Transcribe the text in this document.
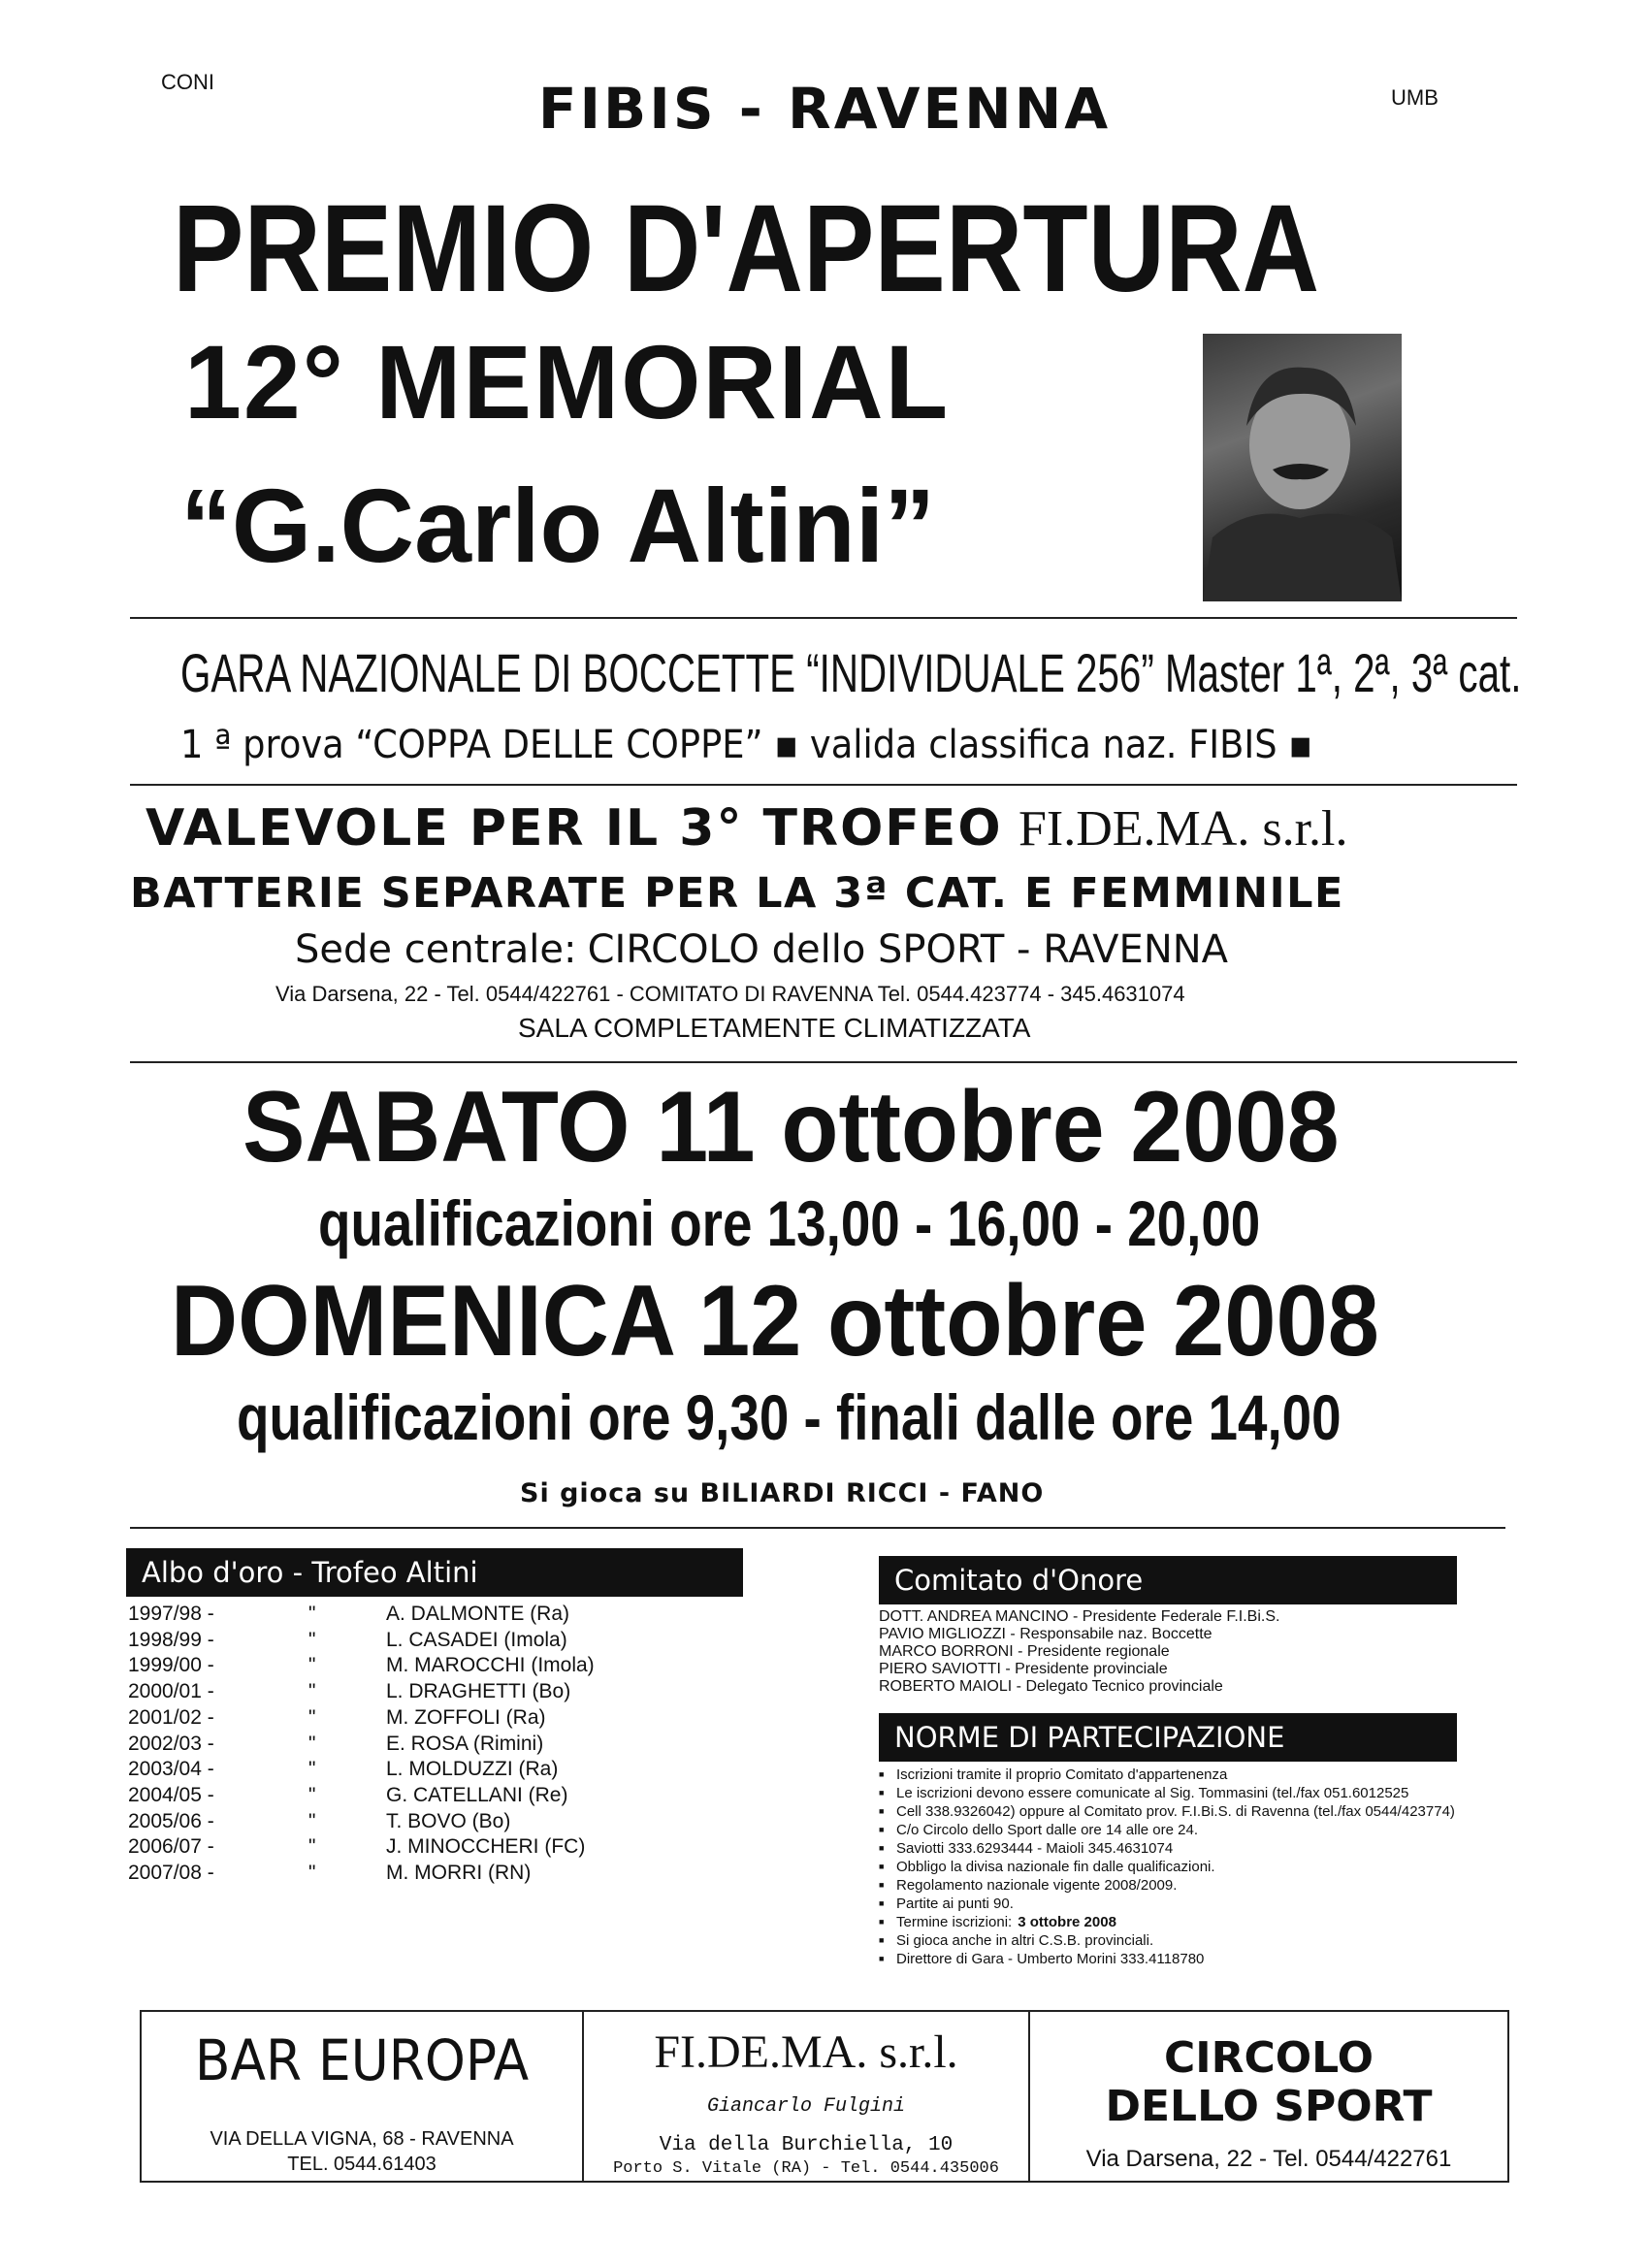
CONI	FIBIS - RAVENNA	UMB
PREMIO D'APERTURA
12° MEMORIAL
“G.Carlo Altini”
GARA NAZIONALE DI BOCCETTE “INDIVIDUALE 256” Master 1ª, 2ª, 3ª cat.
1 ª prova “COPPA DELLE COPPE” ▪ valida classifica naz. FIBIS ▪
VALEVOLE PER IL 3° TROFEO FI.DE.MA. s.r.l.
BATTERIE SEPARATE PER LA 3ª CAT. E FEMMINILE
Sede centrale: CIRCOLO dello SPORT - RAVENNA
Via Darsena, 22 - Tel. 0544/422761 - COMITATO DI RAVENNA Tel. 0544.423774 - 345.4631074
SALA COMPLETAMENTE CLIMATIZZATA
SABATO 11 ottobre 2008
qualificazioni ore 13,00 - 16,00 - 20,00
DOMENICA 12 ottobre 2008
qualificazioni ore 9,30 - finali dalle ore 14,00
Si gioca su BILIARDI RICCI - FANO
Albo d'oro - Trofeo Altini
1997/98 -	"	A. DALMONTE (Ra)
1998/99 -	"	L. CASADEI (Imola)
1999/00 -	"	M. MAROCCHI (Imola)
2000/01 -	"	L. DRAGHETTI (Bo)
2001/02 -	"	M. ZOFFOLI (Ra)
2002/03 -	"	E. ROSA (Rimini)
2003/04 -	"	L. MOLDUZZI (Ra)
2004/05 -	"	G. CATELLANI (Re)
2005/06 -	"	T. BOVO (Bo)
2006/07 -	"	J. MINOCCHERI (FC)
2007/08 -	"	M. MORRI (RN)
Comitato d'Onore
DOTT. ANDREA MANCINO - Presidente Federale F.I.Bi.S.
PAVIO MIGLIOZZI - Responsabile naz. Boccette
MARCO BORRONI - Presidente regionale
PIERO SAVIOTTI - Presidente provinciale
ROBERTO MAIOLI - Delegato Tecnico provinciale
NORME DI PARTECIPAZIONE
■ Iscrizioni tramite il proprio Comitato d'appartenenza
■ Le iscrizioni devono essere comunicate al Sig. Tommasini (tel./fax 051.6012525
■ Cell 338.9326042) oppure al Comitato prov. F.I.Bi.S. di Ravenna (tel./fax 0544/423774)
■ C/o Circolo dello Sport dalle ore 14 alle ore 24.
■ Saviotti 333.6293444 - Maioli 345.4631074
■ Obbligo la divisa nazionale fin dalle qualificazioni.
■ Regolamento nazionale vigente 2008/2009.
■ Partite ai punti 90.
■ Termine iscrizioni: 3 ottobre 2008
■ Si gioca anche in altri C.S.B. provinciali.
■ Direttore di Gara - Umberto Morini 333.4118780
BAR EUROPA
VIA DELLA VIGNA, 68 - RAVENNA
TEL. 0544.61403
FI.DE.MA. s.r.l.
Giancarlo Fulgini
Via della Burchiella, 10
Porto S. Vitale (RA) - Tel. 0544.435006
CIRCOLO
DELLO SPORT
Via Darsena, 22 - Tel. 0544/422761
